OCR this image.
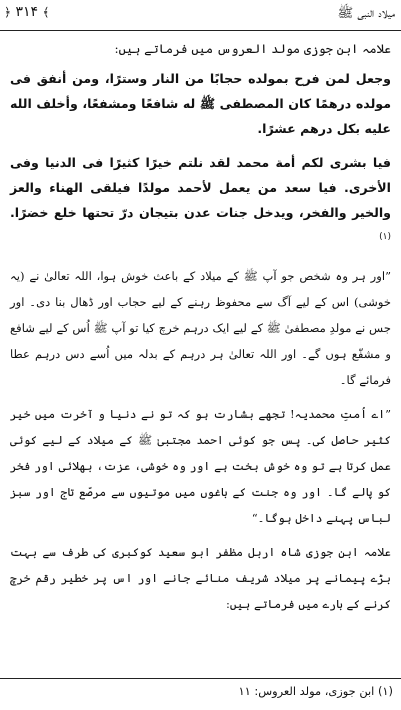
میلاد النبی ﷺ
﴾ ۳۱۴ ﴿

علامہ ابن جوزی مولد العروس میں فرماتے ہیں:

وجعل لمن فرح بمولده حجابًا من النار وسترًا، ومن أنفق فی مولده درهمًا كان المصطفی ﷺ له شافعًا ومشفعًا، وأخلف الله عليه بكل درهم عشرًا.

فيا بشری لكم أمة محمد لقد نلتم خيرًا كثيرًا فی الدنيا وفی الأخری. فيا سعد من يعمل لأحمد مولدًا فيلقی الهناء والعز والخير والفخر، ويدخل جنات عدن بتيجان درّ تحتها خلع خضرًا.$^{(۱)}$

”اور ہر وہ شخص جو آپ ﷺ کے میلاد کے باعث خوش ہوا، اللہ تعالیٰ نے (یہ خوشی) اس کے لیے آگ سے محفوظ رہنے کے لیے حجاب اور ڈھال بنا دی۔ اور جس نے مولدِ مصطفیٰ ﷺ کے لیے ایک درہم خرچ کیا تو آپ ﷺ اُس کے لیے شافع و مشفّع ہوں گے۔ اور اللہ تعالیٰ ہر درہم کے بدلہ میں اُسے دس درہم عطا فرمائے گا۔

”اے اُمتِ محمدیہ! تجھے بشارت ہو کہ تو نے دنیا و آخرت میں خیر کثیر حاصل کی۔ پس جو کوئی احمد مجتبیٰ ﷺ کے میلاد کے لیے کوئی عمل کرتا ہے تو وہ خوش بخت ہے اور وہ خوشی، عزت، بھلائی اور فخر کو پالے گا۔ اور وہ جنت کے باغوں میں موتیوں سے مرصّع تاج اور سبز لباس پہنے داخل ہوگا۔“

علامہ ابن جوزی شاہ اربل مظفر ابو سعید کوکبری کی طرف سے بہت بڑے پیمانے پر میلاد شریف منائے جانے اور اس پر خطیر رقم خرچ کرنے کے بارے میں فرماتے ہیں:

(۱) ابن جوزی، مولد العروس: ۱۱
